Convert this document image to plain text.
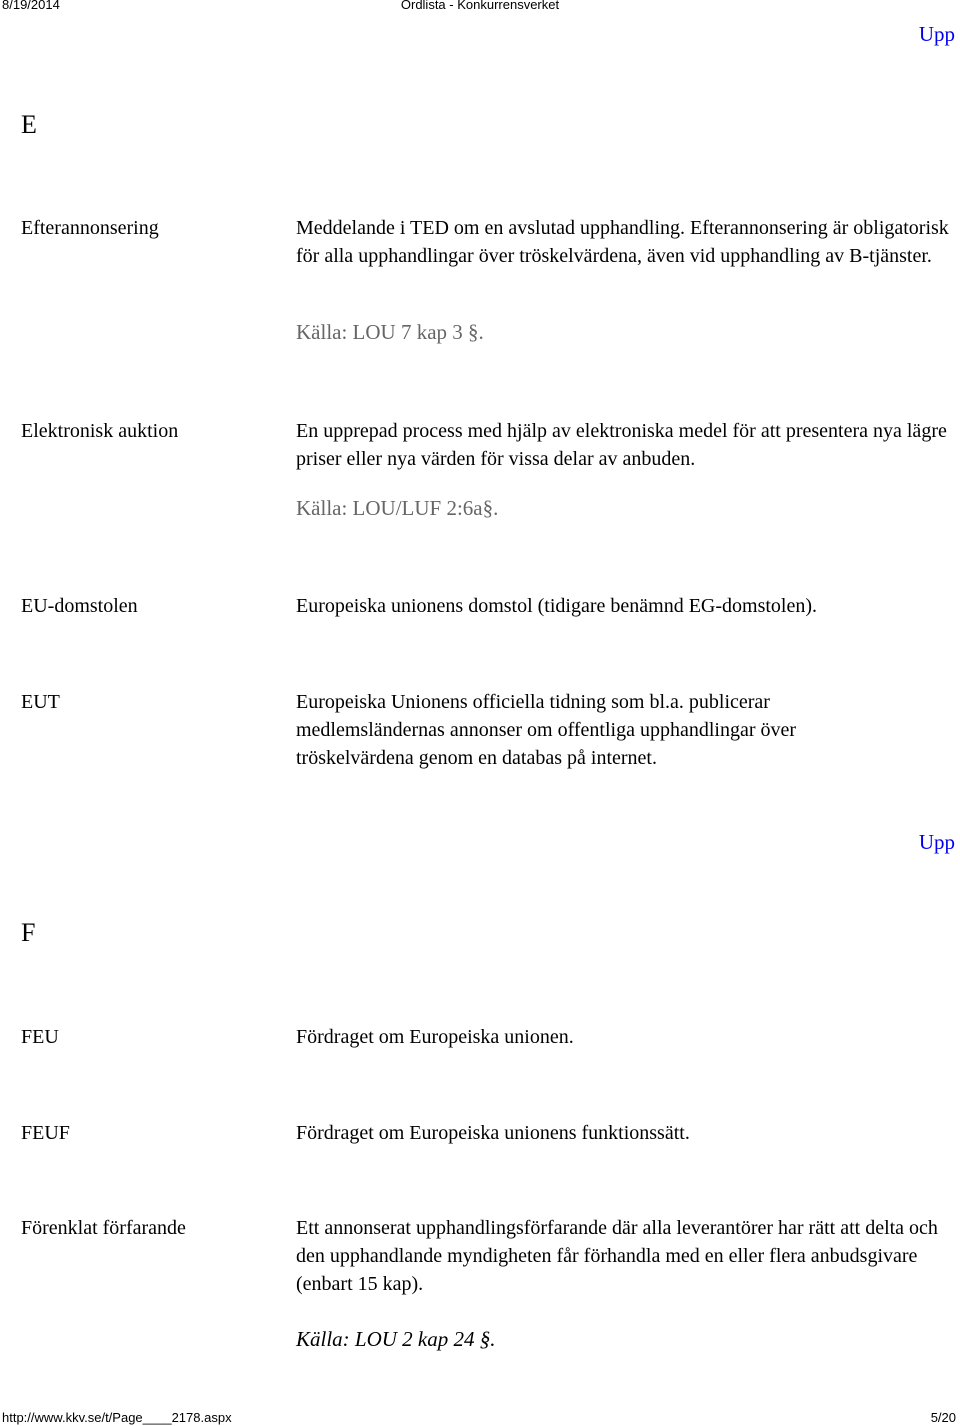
8/19/2014	Ordlista - Konkurrensverket
Upp
E
Efterannonsering	Meddelande i TED om en avslutad upphandling. Efterannonsering är obligatorisk för alla upphandlingar över tröskelvärdena, även vid upphandling av B-tjänster.
Källa: LOU 7 kap 3 §.
Elektronisk auktion	En upprepad process med hjälp av elektroniska medel för att presentera nya lägre priser eller nya värden för vissa delar av anbuden.
Källa: LOU/LUF 2:6a§.
EU-domstolen	Europeiska unionens domstol (tidigare benämnd EG-domstolen).
EUT	Europeiska Unionens officiella tidning som bl.a. publicerar medlemsländernas annonser om offentliga upphandlingar över tröskelvärdena genom en databas på internet.
Upp
F
FEU	Fördraget om Europeiska unionen.
FEUF	Fördraget om Europeiska unionens funktionssätt.
Förenklat förfarande	Ett annonserat upphandlingsförfarande där alla leverantörer har rätt att delta och den upphandlande myndigheten får förhandla med en eller flera anbudsgivare (enbart 15 kap).
Källa: LOU 2 kap 24 §.
http://www.kkv.se/t/Page____2178.aspx	5/20
